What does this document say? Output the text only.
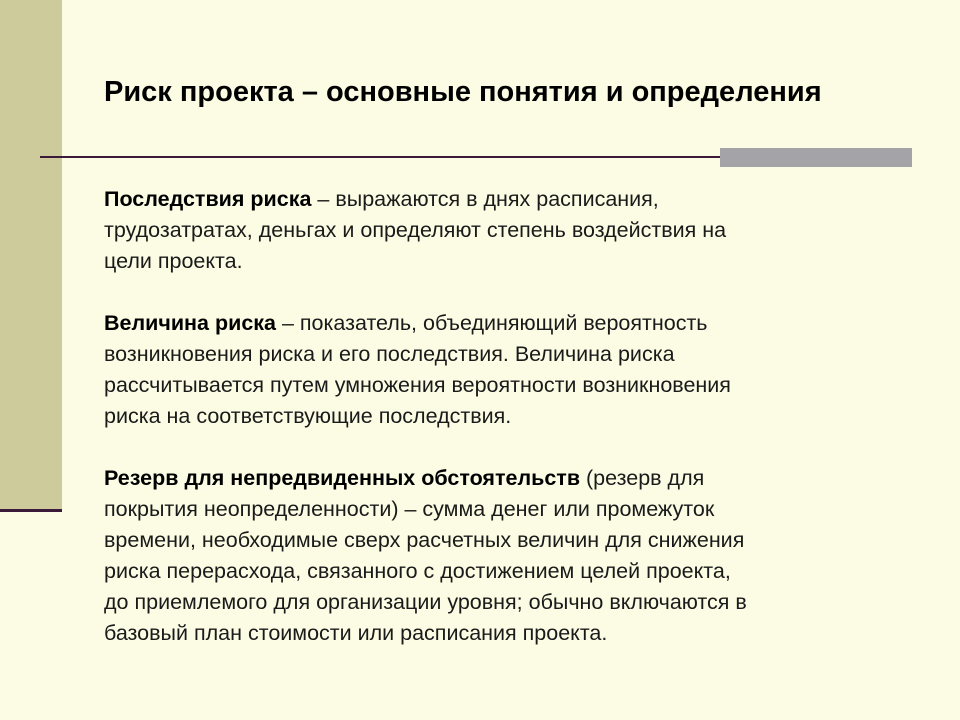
Риск проекта – основные понятия и определения

Последствия риска – выражаются в днях расписания,
трудозатратах, деньгах и определяют степень воздействия на
цели проекта.

Величина риска – показатель, объединяющий вероятность
возникновения риска и его последствия. Величина риска
рассчитывается путем умножения вероятности возникновения
риска на соответствующие последствия.

Резерв для непредвиденных обстоятельств (резерв для
покрытия неопределенности) – сумма денег или промежуток
времени, необходимые сверх расчетных величин для снижения
риска перерасхода, связанного с достижением целей проекта,
до приемлемого для организации уровня; обычно включаются в
базовый план стоимости или расписания проекта.
